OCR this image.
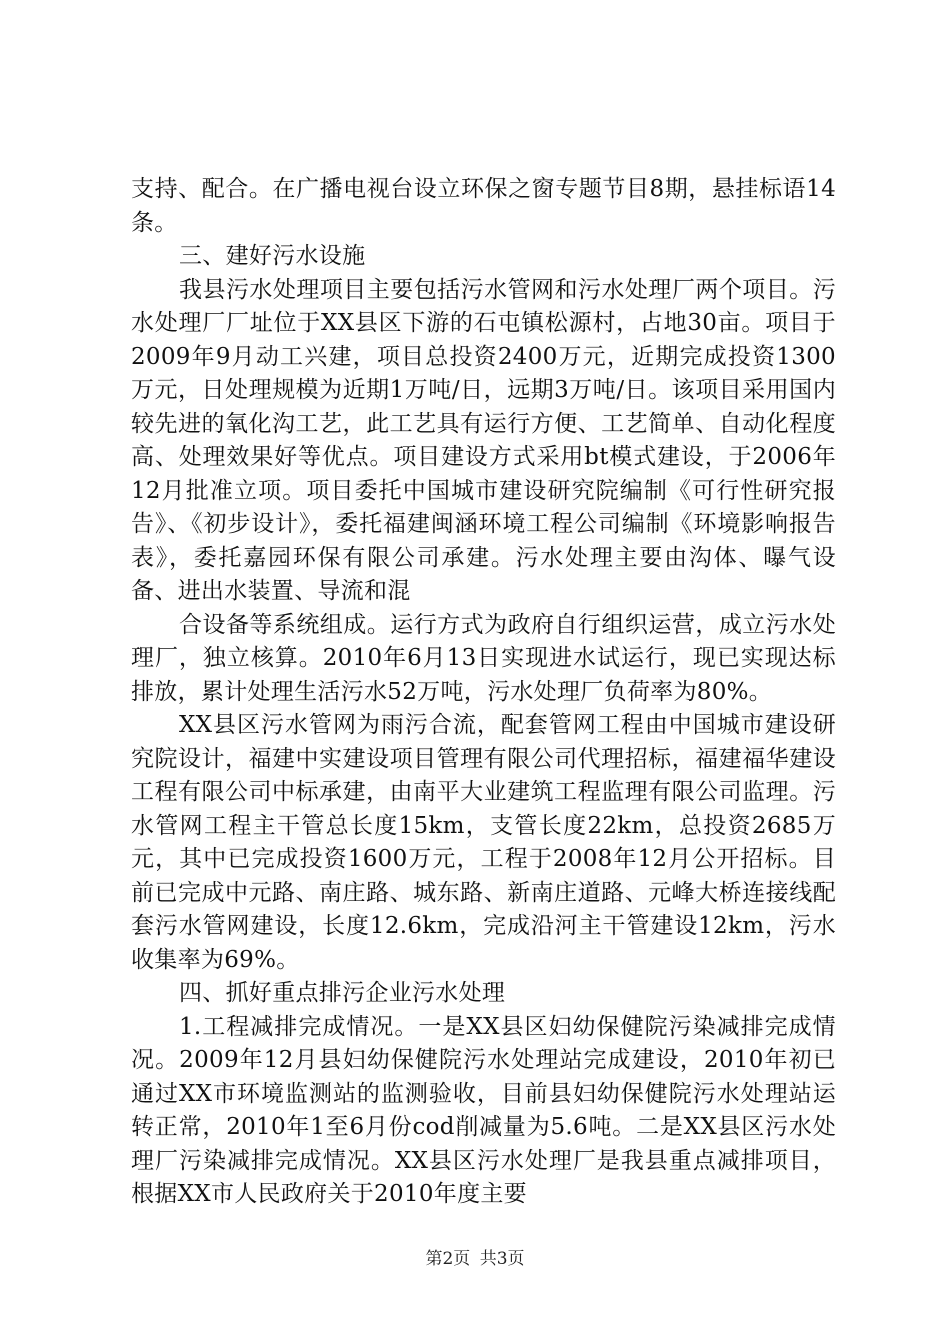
支持、配合。在广播电视台设立环保之窗专题节目8期，悬挂标语14条。

三、建好污水设施

我县污水处理项目主要包括污水管网和污水处理厂两个项目。污水处理厂厂址位于XX县区下游的石屯镇松源村，占地30亩。项目于2009年9月动工兴建，项目总投资2400万元，近期完成投资1300万元，日处理规模为近期1万吨/日，远期3万吨/日。该项目采用国内较先进的氧化沟工艺，此工艺具有运行方便、工艺简单、自动化程度高、处理效果好等优点。项目建设方式采用bt模式建设，于2006年12月批准立项。项目委托中国城市建设研究院编制《可行性研究报告》、《初步设计》，委托福建闽涵环境工程公司编制《环境影响报告表》，委托嘉园环保有限公司承建。污水处理主要由沟体、曝气设备、进出水装置、导流和混

合设备等系统组成。运行方式为政府自行组织运营，成立污水处理厂，独立核算。2010年6月13日实现进水试运行，现已实现达标排放，累计处理生活污水52万吨，污水处理厂负荷率为80%。

XX县区污水管网为雨污合流，配套管网工程由中国城市建设研究院设计，福建中实建设项目管理有限公司代理招标，福建福华建设工程有限公司中标承建，由南平大业建筑工程监理有限公司监理。污水管网工程主干管总长度15km，支管长度22km，总投资2685万元，其中已完成投资1600万元，工程于2008年12月公开招标。目前已完成中元路、南庄路、城东路、新南庄道路、元峰大桥连接线配套污水管网建设，长度12.6km，完成沿河主干管建设12km，污水收集率为69%。

四、抓好重点排污企业污水处理

1.工程减排完成情况。一是XX县区妇幼保健院污染减排完成情况。2009年12月县妇幼保健院污水处理站完成建设，2010年初已通过XX市环境监测站的监测验收，目前县妇幼保健院污水处理站运转正常，2010年1至6月份cod削减量为5.6吨。二是XX县区污水处理厂污染减排完成情况。XX县区污水处理厂是我县重点减排项目，根据XX市人民政府关于2010年度主要

第2页 共3页
